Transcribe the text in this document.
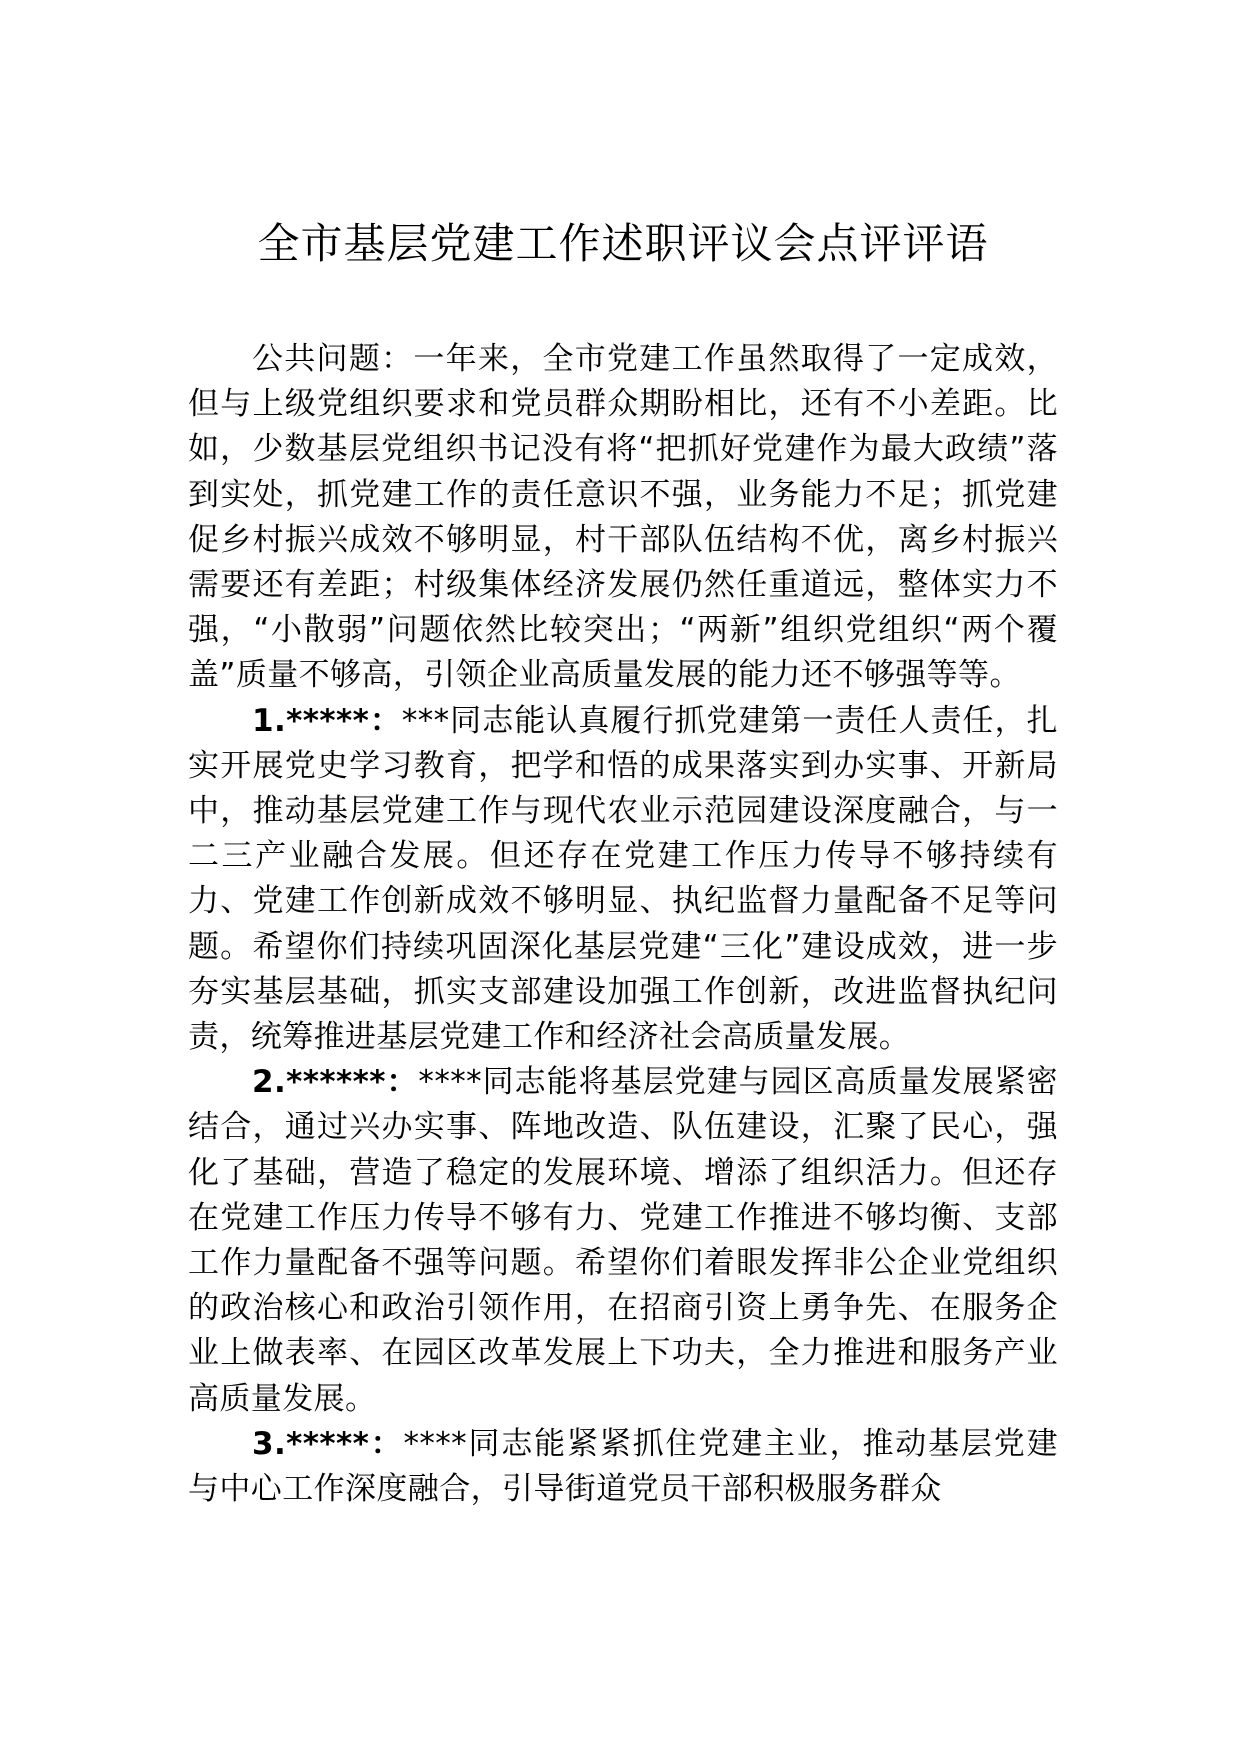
全市基层党建工作述职评议会点评评语

公共问题：一年来，全市党建工作虽然取得了一定成效，但与上级党组织要求和党员群众期盼相比，还有不小差距。比如，少数基层党组织书记没有将“把抓好党建作为最大政绩”落到实处，抓党建工作的责任意识不强，业务能力不足；抓党建促乡村振兴成效不够明显，村干部队伍结构不优，离乡村振兴需要还有差距；村级集体经济发展仍然任重道远，整体实力不强，“小散弱”问题依然比较突出；“两新”组织党组织“两个覆盖”质量不够高，引领企业高质量发展的能力还不够强等等。

1.*****：***同志能认真履行抓党建第一责任人责任，扎实开展党史学习教育，把学和悟的成果落实到办实事、开新局中，推动基层党建工作与现代农业示范园建设深度融合，与一二三产业融合发展。但还存在党建工作压力传导不够持续有力、党建工作创新成效不够明显、执纪监督力量配备不足等问题。希望你们持续巩固深化基层党建“三化”建设成效，进一步夯实基层基础，抓实支部建设加强工作创新，改进监督执纪问责，统筹推进基层党建工作和经济社会高质量发展。

2.******：****同志能将基层党建与园区高质量发展紧密结合，通过兴办实事、阵地改造、队伍建设，汇聚了民心，强化了基础，营造了稳定的发展环境、增添了组织活力。但还存在党建工作压力传导不够有力、党建工作推进不够均衡、支部工作力量配备不强等问题。希望你们着眼发挥非公企业党组织的政治核心和政治引领作用，在招商引资上勇争先、在服务企业上做表率、在园区改革发展上下功夫，全力推进和服务产业高质量发展。

3.*****：****同志能紧紧抓住党建主业，推动基层党建与中心工作深度融合，引导街道党员干部积极服务群众
